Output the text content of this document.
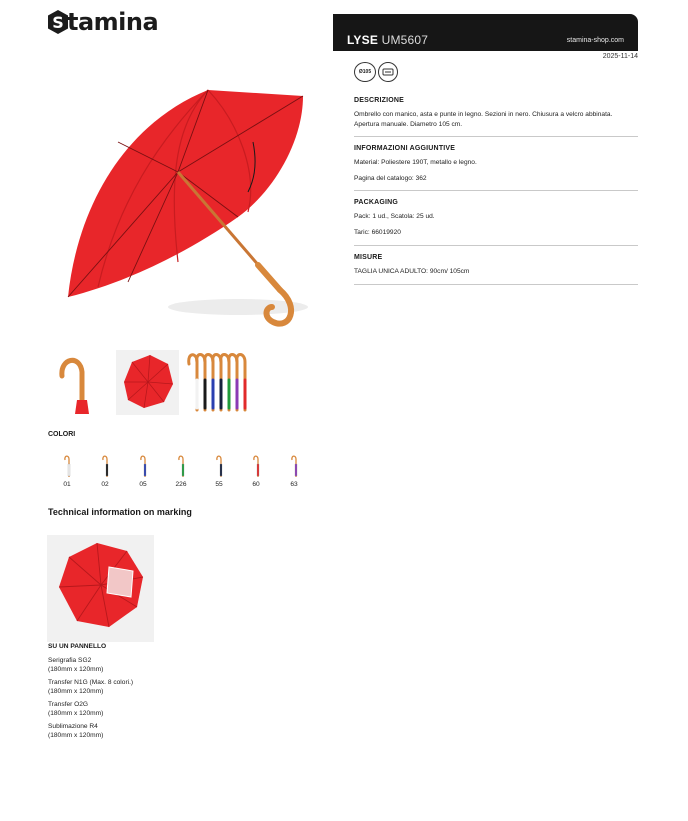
S tamina
LYSE UM5607	stamina-shop.com
2025-11-14
Ø105
DESCRIZIONE
Ombrello con manico, asta e punte in legno. Sezioni in nero. Chiusura a velcro abbinata.
Apertura manuale. Diametro 105 cm.
INFORMAZIONI AGGIUNTIVE
Material: Poliestere 190T, metallo e legno.
Pagina del catalogo: 362
PACKAGING
Pack: 1 ud., Scatola: 25 ud.
Taric: 66019920
MISURE
TAGLIA UNICA ADULTO: 90cm/ 105cm
COLORI
01	02	05	226	55	60	63
Technical information on marking
SU UN PANNELLO
Serigrafia SG2
(180mm x 120mm)
Transfer N1G (Max. 8 colori.)
(180mm x 120mm)
Transfer O2G
(180mm x 120mm)
Sublimazione R4
(180mm x 120mm)
